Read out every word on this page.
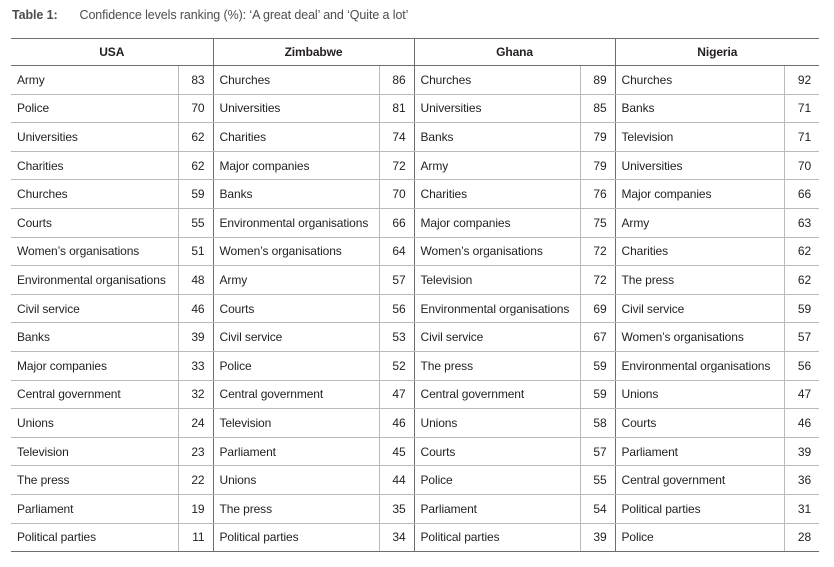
Table 1: Confidence levels ranking (%): ‘A great deal’ and ‘Quite a lot’
USA		Zimbabwe		Ghana		Nigeria	
Army	83	Churches	86	Churches	89	Churches	92
Police	70	Universities	81	Universities	85	Banks	71
Universities	62	Charities	74	Banks	79	Television	71
Charities	62	Major companies	72	Army	79	Universities	70
Churches	59	Banks	70	Charities	76	Major companies	66
Courts	55	Environmental organisations	66	Major companies	75	Army	63
Women’s organisations	51	Women’s organisations	64	Women’s organisations	72	Charities	62
Environmental organisations	48	Army	57	Television	72	The press	62
Civil service	46	Courts	56	Environmental organisations	69	Civil service	59
Banks	39	Civil service	53	Civil service	67	Women’s organisations	57
Major companies	33	Police	52	The press	59	Environmental organisations	56
Central government	32	Central government	47	Central government	59	Unions	47
Unions	24	Television	46	Unions	58	Courts	46
Television	23	Parliament	45	Courts	57	Parliament	39
The press	22	Unions	44	Police	55	Central government	36
Parliament	19	The press	35	Parliament	54	Political parties	31
Political parties	11	Political parties	34	Political parties	39	Police	28
